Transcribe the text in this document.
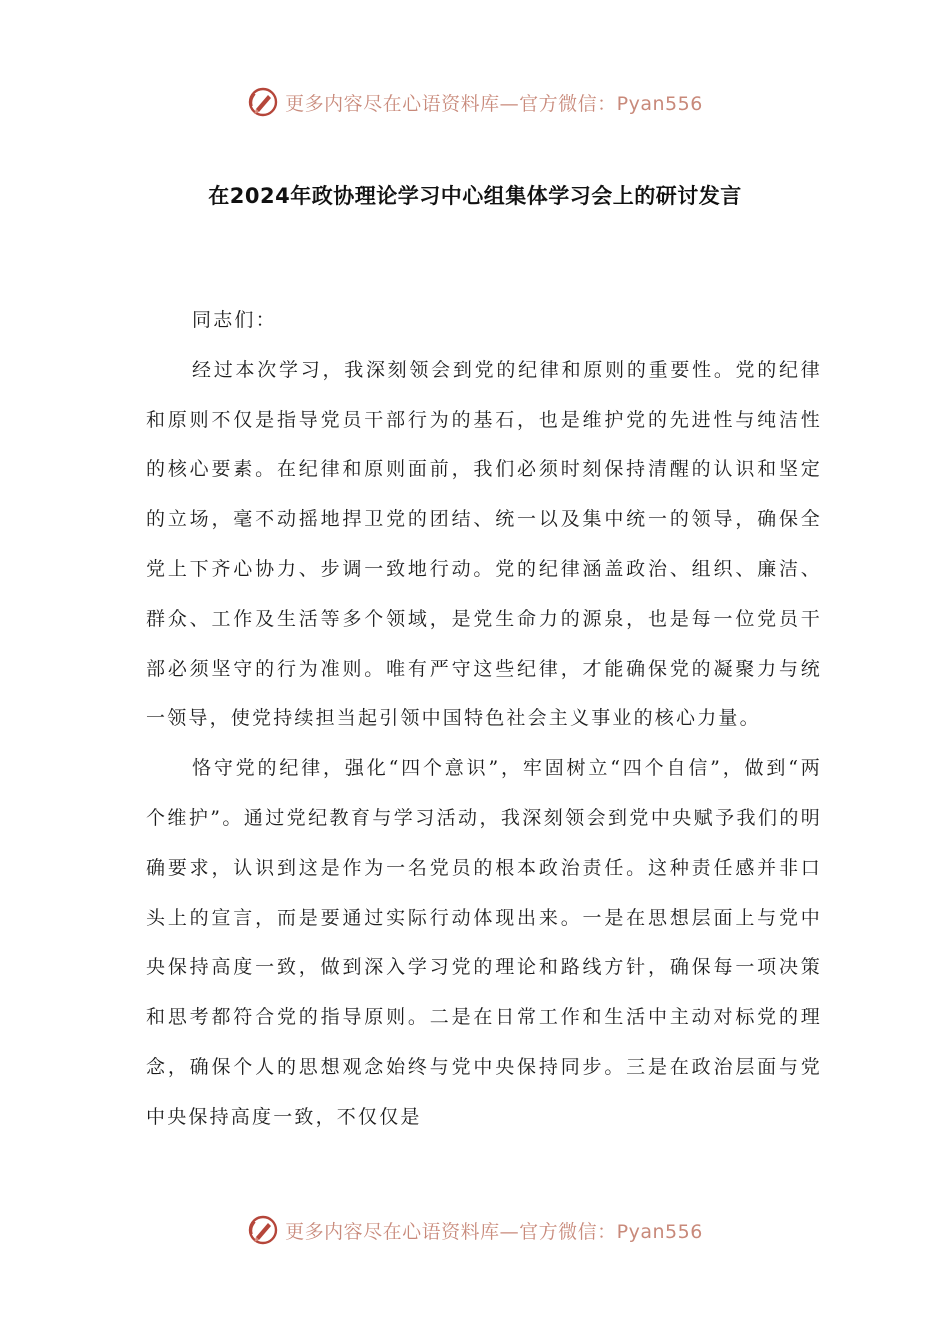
更多内容尽在心语资料库—官方微信：Pyan556
在2024年政协理论学习中心组集体学习会上的研讨发言

同志们：

经过本次学习，我深刻领会到党的纪律和原则的重要性。党的纪律和原则不仅是指导党员干部行为的基石，也是维护党的先进性与纯洁性的核心要素。在纪律和原则面前，我们必须时刻保持清醒的认识和坚定的立场，毫不动摇地捍卫党的团结、统一以及集中统一的领导，确保全党上下齐心协力、步调一致地行动。党的纪律涵盖政治、组织、廉洁、群众、工作及生活等多个领域，是党生命力的源泉，也是每一位党员干部必须坚守的行为准则。唯有严守这些纪律，才能确保党的凝聚力与统一领导，使党持续担当起引领中国特色社会主义事业的核心力量。

恪守党的纪律，强化“四个意识”，牢固树立“四个自信”，做到“两个维护”。通过党纪教育与学习活动，我深刻领会到党中央赋予我们的明确要求，认识到这是作为一名党员的根本政治责任。这种责任感并非口头上的宣言，而是要通过实际行动体现出来。一是在思想层面上与党中央保持高度一致，做到深入学习党的理论和路线方针，确保每一项决策和思考都符合党的指导原则。二是在日常工作和生活中主动对标党的理念，确保个人的思想观念始终与党中央保持同步。三是在政治层面与党中央保持高度一致，不仅仅是

更多内容尽在心语资料库—官方微信：Pyan556
